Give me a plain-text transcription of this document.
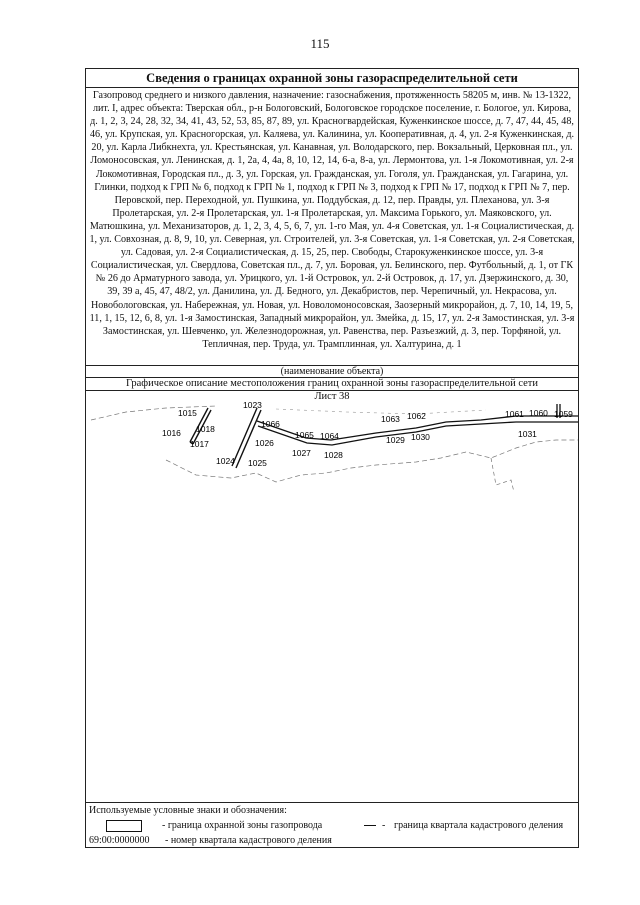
115
Сведения о границах охранной зоны газораспределительной сети
Газопровод среднего и низкого давления, назначение: газоснабжения, протяженность 58205 м, инв. № 13-1322, лит. I, адрес объекта: Тверская обл., р-н Бологовский, Бологовское городское поселение, г. Бологое, ул. Кирова, д. 1, 2, 3, 24, 28, 32, 34, 41, 43, 52, 53, 85, 87, 89, ул. Красногвардейская, Куженкинское шоссе, д. 7, 47, 44, 45, 48, 46, ул. Крупская, ул. Красногорская, ул. Каляева, ул. Калинина, ул. Кооперативная, д. 4, ул. 2-я Куженкинская, д. 20, ул. Карла Либкнехта, ул. Крестьянская, ул. Канавная, ул. Володарского, пер. Вокзальный, Церковная пл., ул. Ломоносовская, ул. Ленинская, д. 1, 2а, 4, 4а, 8, 10, 12, 14, 6-а, 8-а, ул. Лермонтова, ул. 1-я Локомотивная, ул. 2-я Локомотивная, Городская пл., д. 3, ул. Горская, ул. Гражданская, ул. Гоголя, ул. Гражданская, ул. Гагарина, ул. Глинки, подход к ГРП № 6, подход к ГРП № 1, подход к ГРП № 3, подход к ГРП № 17, подход к ГРП № 7, пер. Перовской, пер. Переходной, ул. Пушкина, ул. Поддубская, д. 12, пер. Правды, ул. Плеханова, ул. 3-я Пролетарская, ул. 2-я Пролетарская, ул. 1-я Пролетарская, ул. Максима Горького, ул. Маяковского, ул. Матюшкина, ул. Механизаторов, д. 1, 2, 3, 4, 5, 6, 7, ул. 1-го Мая, ул. 4-я Советская, ул. 1-я Социалистическая, д. 1, ул. Совхозная, д. 8, 9, 10, ул. Северная, ул. Строителей, ул. 3-я Советская, ул. 1-я Советская, ул. 2-я Советская, ул. Садовая, ул. 2-я Социалистическая, д. 15, 25, пер. Свободы, Старокуженкинское шоссе, ул. 3-я Социалистическая, ул. Свердлова, Советская пл., д. 7, ул. Боровая, ул. Белинского, пер. Футбольный, д. 1, от ГК № 26 до Арматурного завода, ул. Урицкого, ул. 1-й Островок, ул. 2-й Островок, д. 17, ул. Дзержинского, д. 30, 39, 39 а, 45, 47, 48/2, ул. Данилина, ул. Д. Бедного, ул. Декабристов, пер. Черепичный, ул. Некрасова, ул. Новобологовская, ул. Набережная, ул. Новая, ул. Новоломоносовская, Заозерный микрорайон, д. 7, 10, 14, 19, 5, 11, 1, 15, 12, 6, 8, ул. 1-я Замостинская, Западный микрорайон, ул. Змейка, д. 15, 17, ул. 2-я Замостинская, ул. 3-я Замостинская, ул. Шевченко, ул. Железнодорожная, ул. Равенства, пер. Разъезжий, д. 3, пер. Торфяной, ул. Тепличная, пер. Труда, ул. Трамплинная, ул. Халтурина, д. 1
(наименование объекта)
Графическое описание местоположения границ охранной зоны газораспределительной сети
Лист 38
1015
1016 1018
1017
1023
1066
1026
1065 1064
1027 1028
1024 1025
1063 1062
1029 1030
1061 1060 1059
1031
Используемые условные знаки и обозначения:
- граница охранной зоны газопровода	- граница квартала кадастрового деления
69:00:0000000 - номер квартала кадастрового деления
